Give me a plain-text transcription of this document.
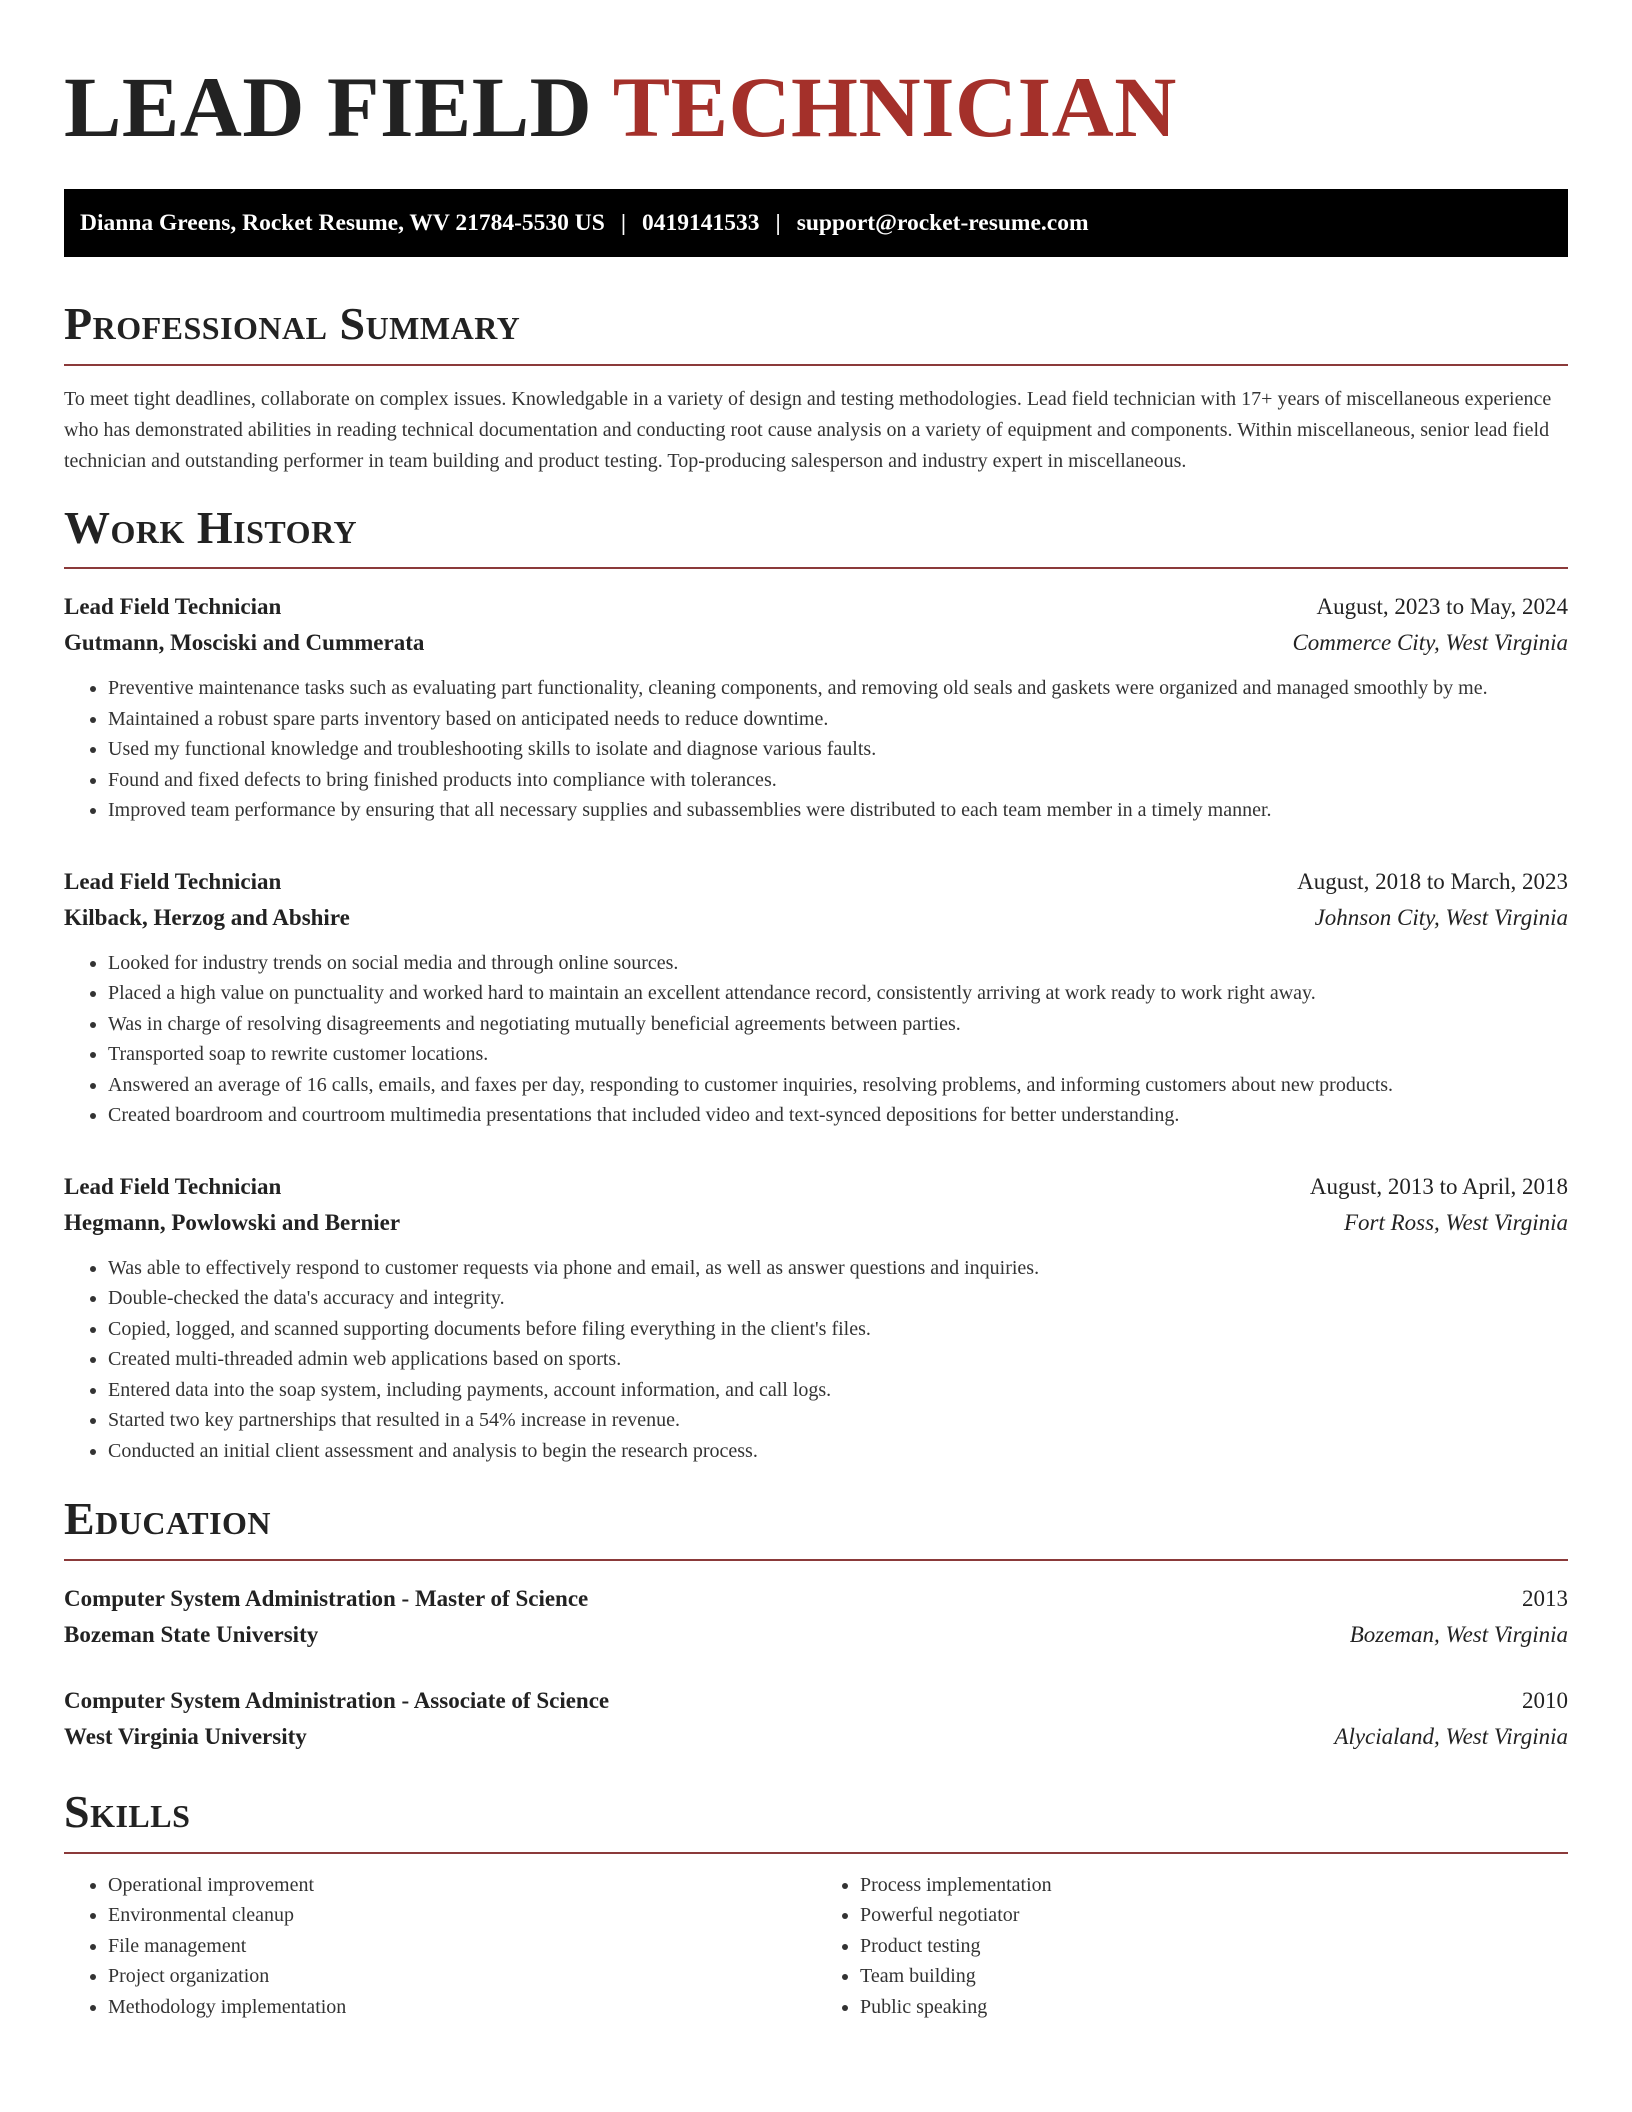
LEAD FIELD TECHNICIAN
Dianna Greens, Rocket Resume, WV 21784-5530 US | 0419141533 | support@rocket-resume.com
Professional Summary

To meet tight deadlines, collaborate on complex issues. Knowledgable in a variety of design and testing methodologies. Lead field technician with 17+ years of miscellaneous experience who has demonstrated abilities in reading technical documentation and conducting root cause analysis on a variety of equipment and components. Within miscellaneous, senior lead field technician and outstanding performer in team building and product testing. Top-producing salesperson and industry expert in miscellaneous.

Work History
Lead Field Technician	August, 2023 to May, 2024
Gutmann, Mosciski and Cummerata	Commerce City, West Virginia
• Preventive maintenance tasks such as evaluating part functionality, cleaning components, and removing old seals and gaskets were organized and managed smoothly by me.
• Maintained a robust spare parts inventory based on anticipated needs to reduce downtime.
• Used my functional knowledge and troubleshooting skills to isolate and diagnose various faults.
• Found and fixed defects to bring finished products into compliance with tolerances.
• Improved team performance by ensuring that all necessary supplies and subassemblies were distributed to each team member in a timely manner.
Lead Field Technician	August, 2018 to March, 2023
Kilback, Herzog and Abshire	Johnson City, West Virginia
• Looked for industry trends on social media and through online sources.
• Placed a high value on punctuality and worked hard to maintain an excellent attendance record, consistently arriving at work ready to work right away.
• Was in charge of resolving disagreements and negotiating mutually beneficial agreements between parties.
• Transported soap to rewrite customer locations.
• Answered an average of 16 calls, emails, and faxes per day, responding to customer inquiries, resolving problems, and informing customers about new products.
• Created boardroom and courtroom multimedia presentations that included video and text-synced depositions for better understanding.
Lead Field Technician	August, 2013 to April, 2018
Hegmann, Powlowski and Bernier	Fort Ross, West Virginia
• Was able to effectively respond to customer requests via phone and email, as well as answer questions and inquiries.
• Double-checked the data's accuracy and integrity.
• Copied, logged, and scanned supporting documents before filing everything in the client's files.
• Created multi-threaded admin web applications based on sports.
• Entered data into the soap system, including payments, account information, and call logs.
• Started two key partnerships that resulted in a 54% increase in revenue.
• Conducted an initial client assessment and analysis to begin the research process.
Education
Computer System Administration - Master of Science	2013
Bozeman State University	Bozeman, West Virginia
Computer System Administration - Associate of Science	2010
West Virginia University	Alycialand, West Virginia
Skills
• Operational improvement
• Environmental cleanup
• File management
• Project organization
• Methodology implementation
• Process implementation
• Powerful negotiator
• Product testing
• Team building
• Public speaking
